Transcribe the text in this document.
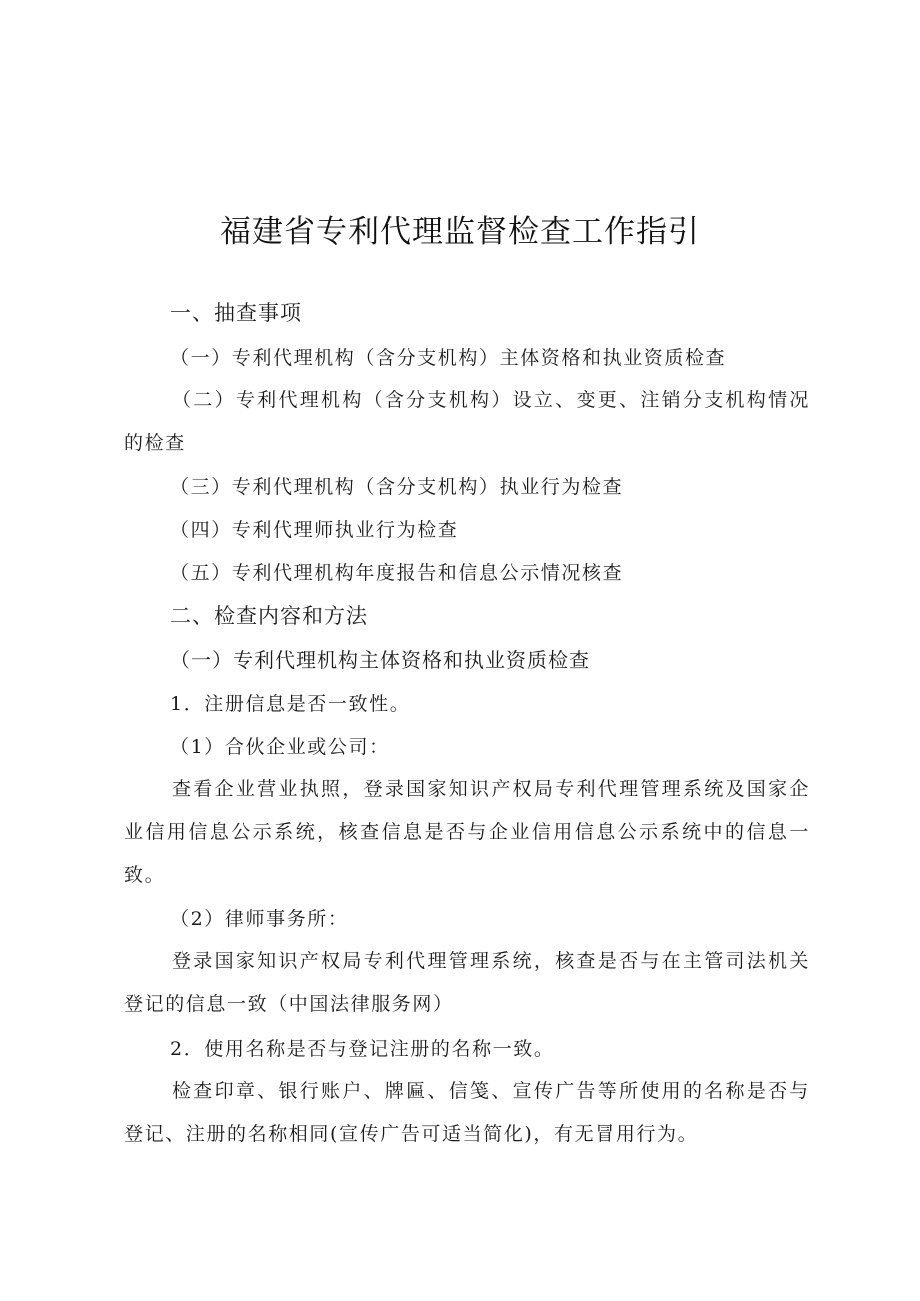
福建省专利代理监督检查工作指引
一、抽查事项
（一）专利代理机构（含分支机构）主体资格和执业资质检查
（二）专利代理机构（含分支机构）设立、变更、注销分支机构情况的检查
（三）专利代理机构（含分支机构）执业行为检查
（四）专利代理师执业行为检查
（五）专利代理机构年度报告和信息公示情况核查
二、检查内容和方法
（一）专利代理机构主体资格和执业资质检查
1．注册信息是否一致性。
（1）合伙企业或公司：
查看企业营业执照，登录国家知识产权局专利代理管理系统及国家企业信用信息公示系统，核查信息是否与企业信用信息公示系统中的信息一致。
（2）律师事务所：
登录国家知识产权局专利代理管理系统，核查是否与在主管司法机关登记的信息一致（中国法律服务网）
2．使用名称是否与登记注册的名称一致。
检查印章、银行账户、牌匾、信笺、宣传广告等所使用的名称是否与登记、注册的名称相同(宣传广告可适当简化)，有无冒用行为。
